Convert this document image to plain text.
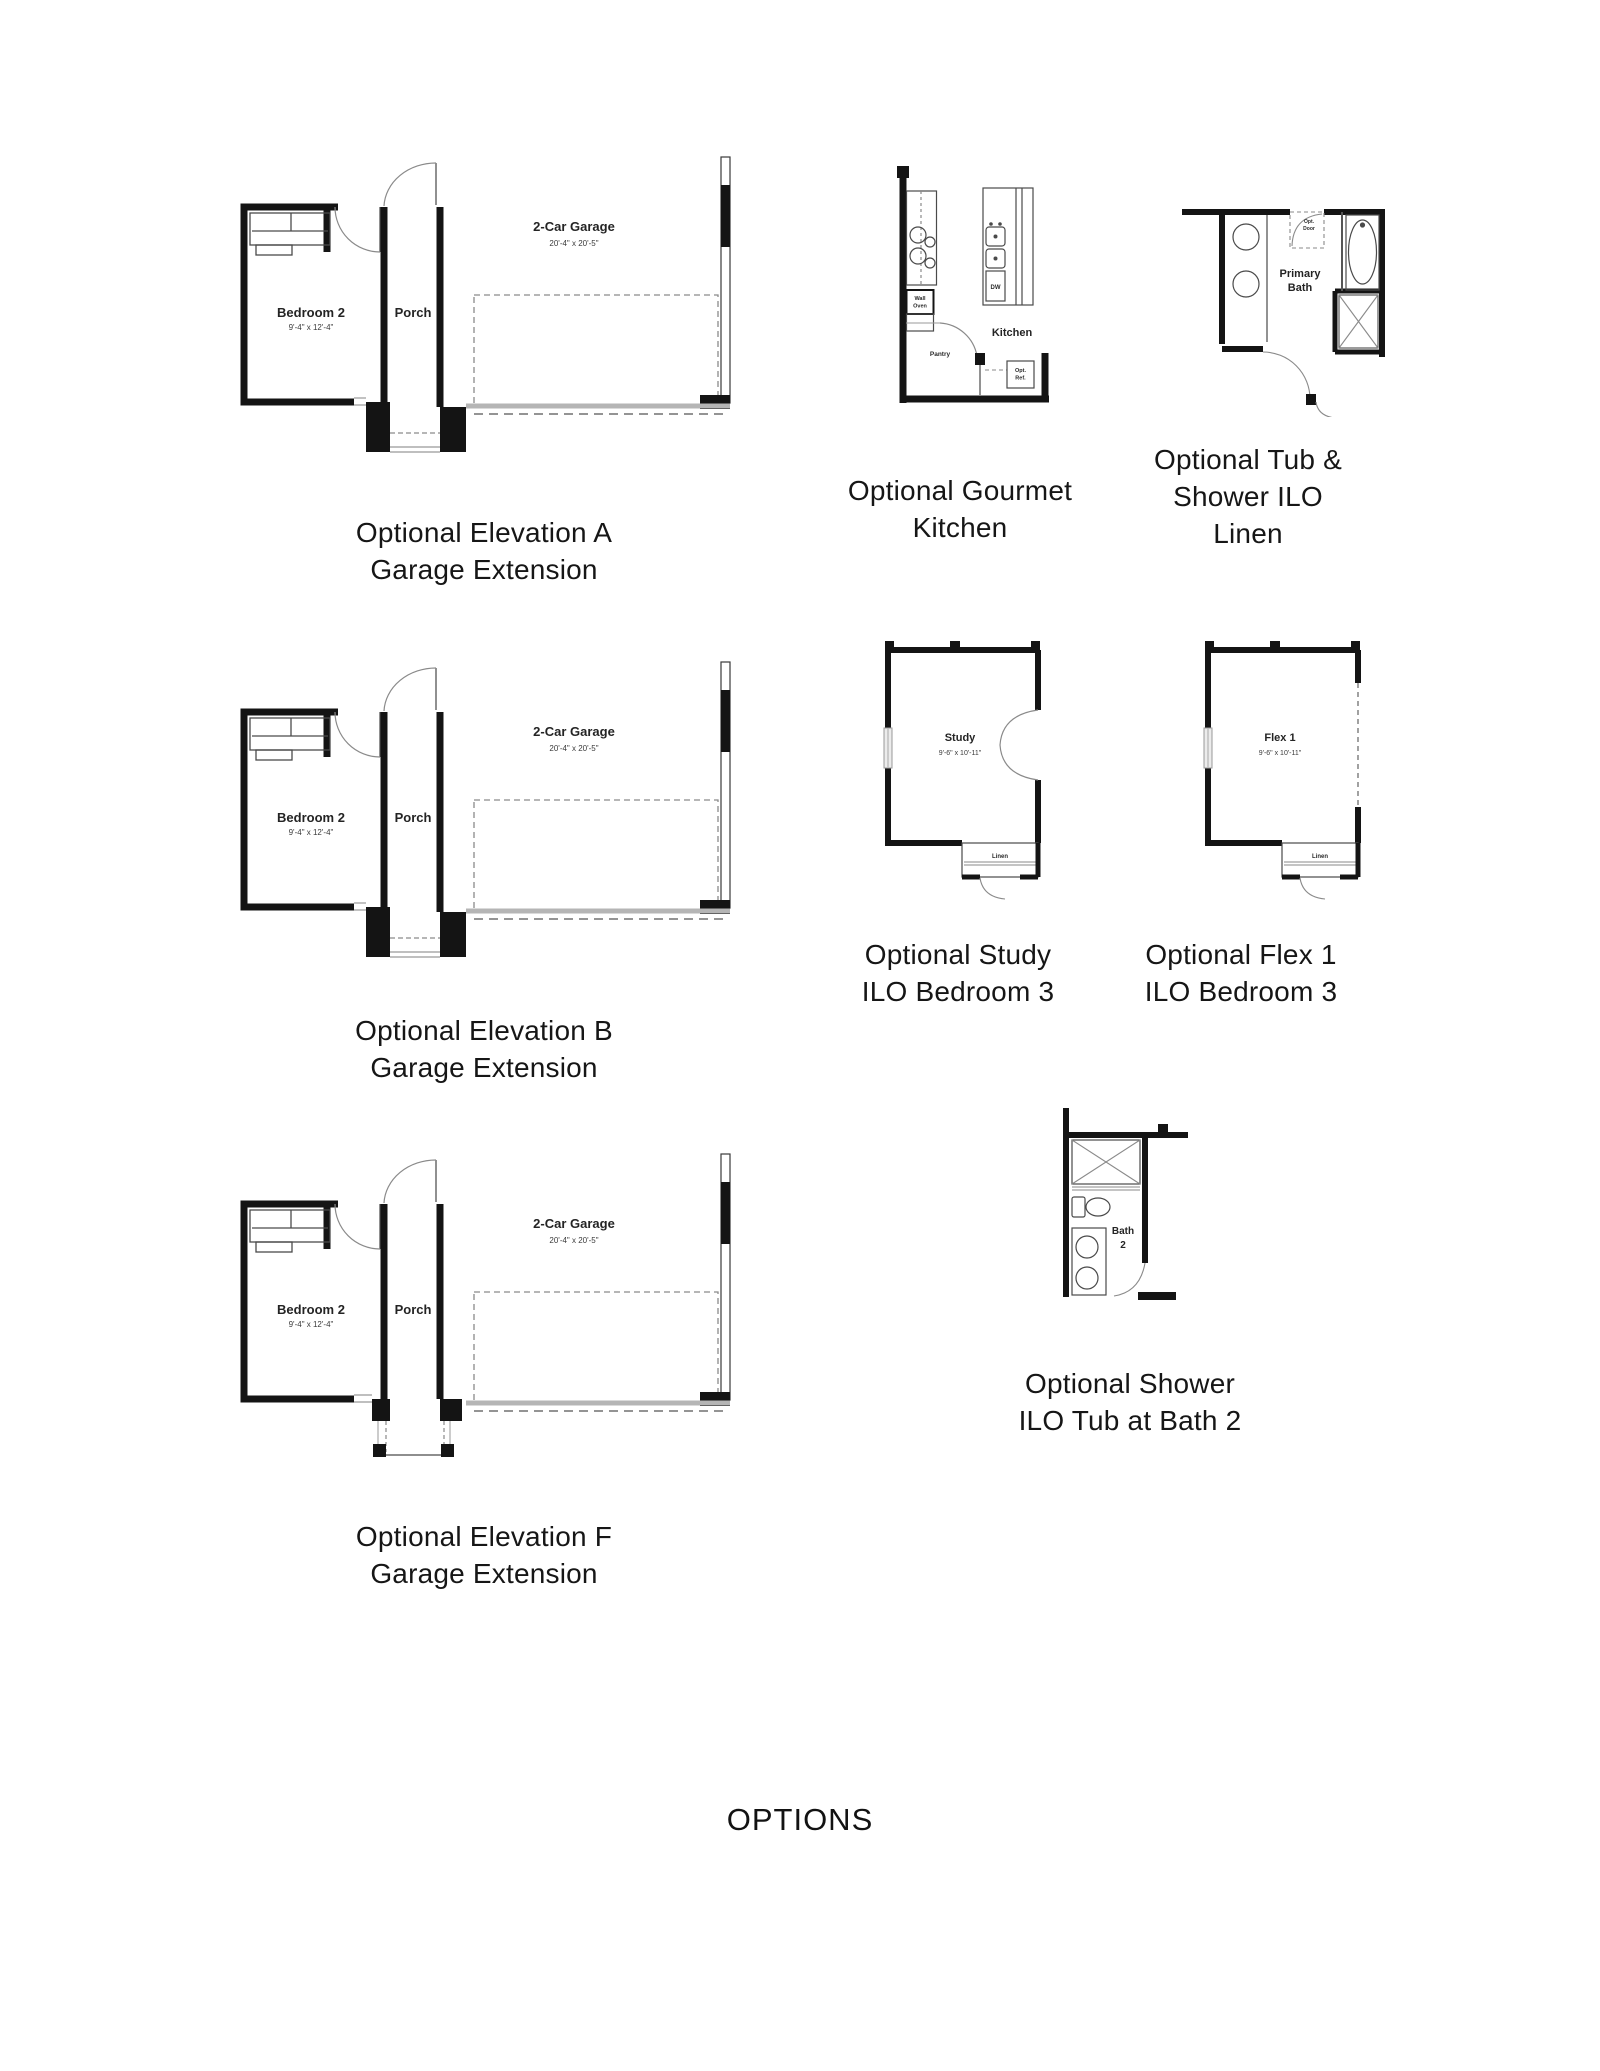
Bedroom 2
9'-4" x 12'-4"
Porch
2-Car Garage
20'-4" x 20'-5"
Optional Elevation A
Garage Extension
Wall
Oven
DW
Kitchen
Pantry
Opt.
Ref.
Optional Gourmet
Kitchen
Opt.
Door
Primary
Bath
Optional Tub &
Shower ILO
Linen
Bedroom 2
9'-4" x 12'-4"
Porch
2-Car Garage
20'-4" x 20'-5"
Optional Elevation B
Garage Extension
Linen
Study
9'-6" x 10'-11"
Optional Study
ILO Bedroom 3
Linen
Flex 1
9'-6" x 10'-11"
Optional Flex 1
ILO Bedroom 3
Bedroom 2
9'-4" x 12'-4"
Porch
2-Car Garage
20'-4" x 20'-5"
Optional Elevation F
Garage Extension
Bath
2
Optional Shower
ILO Tub at Bath 2
OPTIONS
